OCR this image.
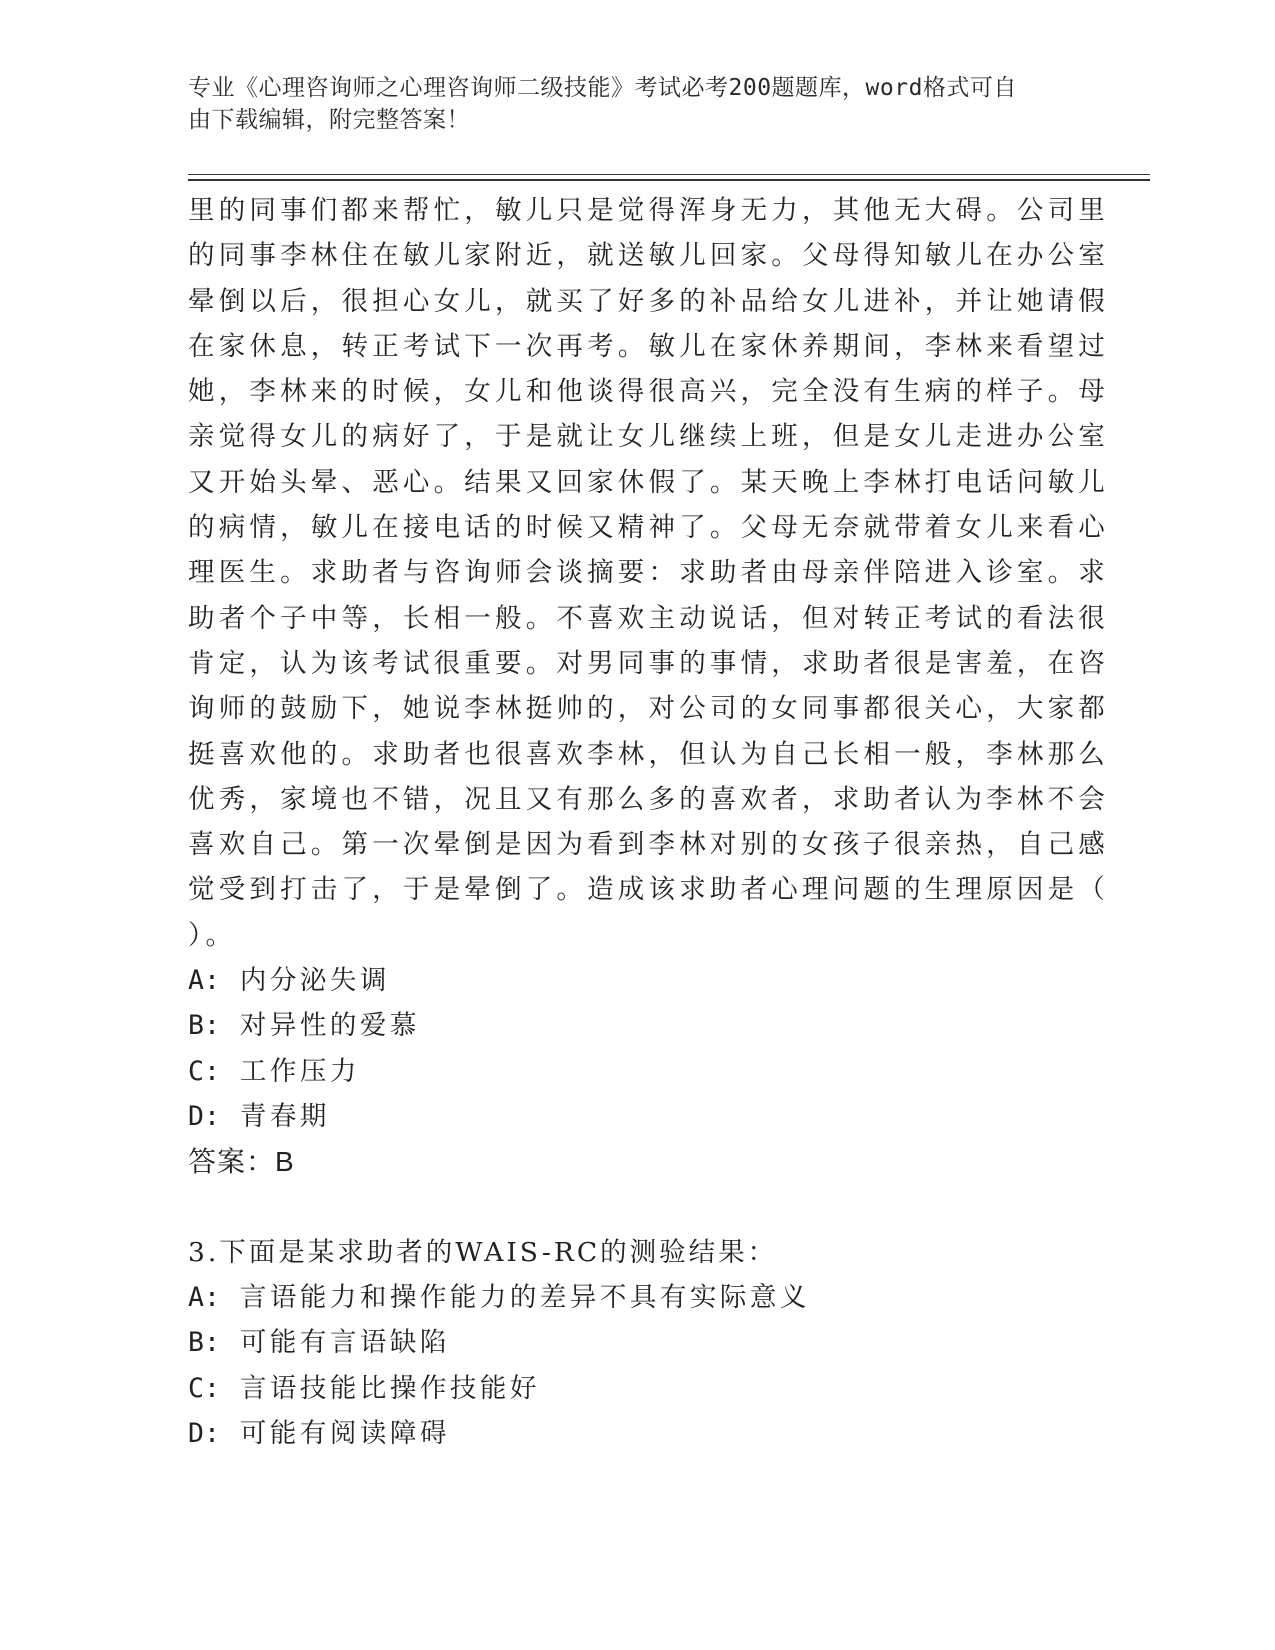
专业《心理咨询师之心理咨询师二级技能》考试必考200题题库，word格式可自
由下载编辑，附完整答案！
里的同事们都来帮忙，敏儿只是觉得浑身无力，其他无大碍。公司里
的同事李林住在敏儿家附近，就送敏儿回家。父母得知敏儿在办公室
晕倒以后，很担心女儿，就买了好多的补品给女儿进补，并让她请假
在家休息，转正考试下一次再考。敏儿在家休养期间，李林来看望过
她，李林来的时候，女儿和他谈得很高兴，完全没有生病的样子。母
亲觉得女儿的病好了，于是就让女儿继续上班，但是女儿走进办公室
又开始头晕、恶心。结果又回家休假了。某天晚上李林打电话问敏儿
的病情，敏儿在接电话的时候又精神了。父母无奈就带着女儿来看心
理医生。求助者与咨询师会谈摘要：求助者由母亲伴陪进入诊室。求
助者个子中等，长相一般。不喜欢主动说话，但对转正考试的看法很
肯定，认为该考试很重要。对男同事的事情，求助者很是害羞，在咨
询师的鼓励下，她说李林挺帅的，对公司的女同事都很关心，大家都
挺喜欢他的。求助者也很喜欢李林，但认为自己长相一般，李林那么
优秀，家境也不错，况且又有那么多的喜欢者，求助者认为李林不会
喜欢自己。第一次晕倒是因为看到李林对别的女孩子很亲热，自己感
觉受到打击了，于是晕倒了。造成该求助者心理问题的生理原因是（
）。
A: 内分泌失调
B: 对异性的爱慕
C: 工作压力
D: 青春期
答案：B
3.下面是某求助者的WAIS-RC的测验结果：
A: 言语能力和操作能力的差异不具有实际意义
B: 可能有言语缺陷
C: 言语技能比操作技能好
D: 可能有阅读障碍
